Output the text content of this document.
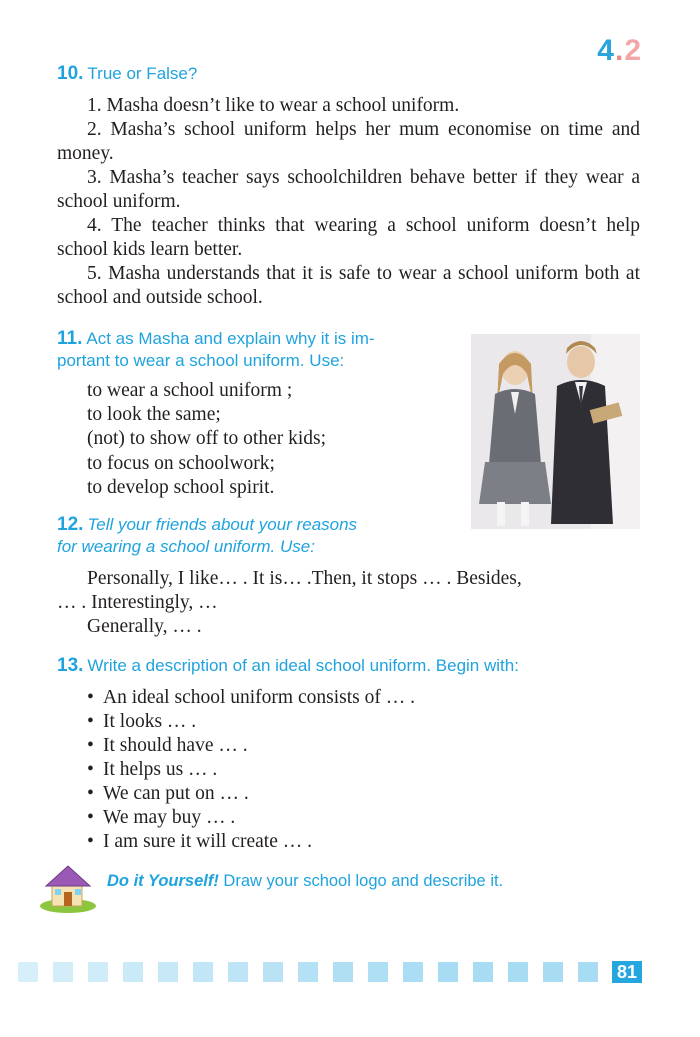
4.2
10. True or False?

1. Masha doesn’t like to wear a school uniform.

2. Masha’s school uniform helps her mum economise on time and money.

3. Masha’s teacher says schoolchildren behave better if they wear a school uniform.

4. The teacher thinks that wearing a school uniform doesn’t help school kids learn better.

5. Masha understands that it is safe to wear a school uniform both at school and outside school.

11. Act as Masha and explain why it is im-
portant to wear a school uniform. Use:
to wear a school uniform ;
to look the same;
(not) to show off to other kids;
to focus on schoolwork;
to develop school spirit.
12. Tell your friends about your reasons
for wearing a school uniform. Use:

Personally, I like… . It is… .Then, it stops … . Besides,

… . Interestingly, …

Generally, … .

13. Write a description of an ideal school uniform. Begin with:
• An ideal school uniform consists of … .
• It looks … .
• It should have … .
• It helps us … .
• We can put on … .
• We may buy … .
• I am sure it will create … .
Do it Yourself! Draw your school logo and describe it.
81
